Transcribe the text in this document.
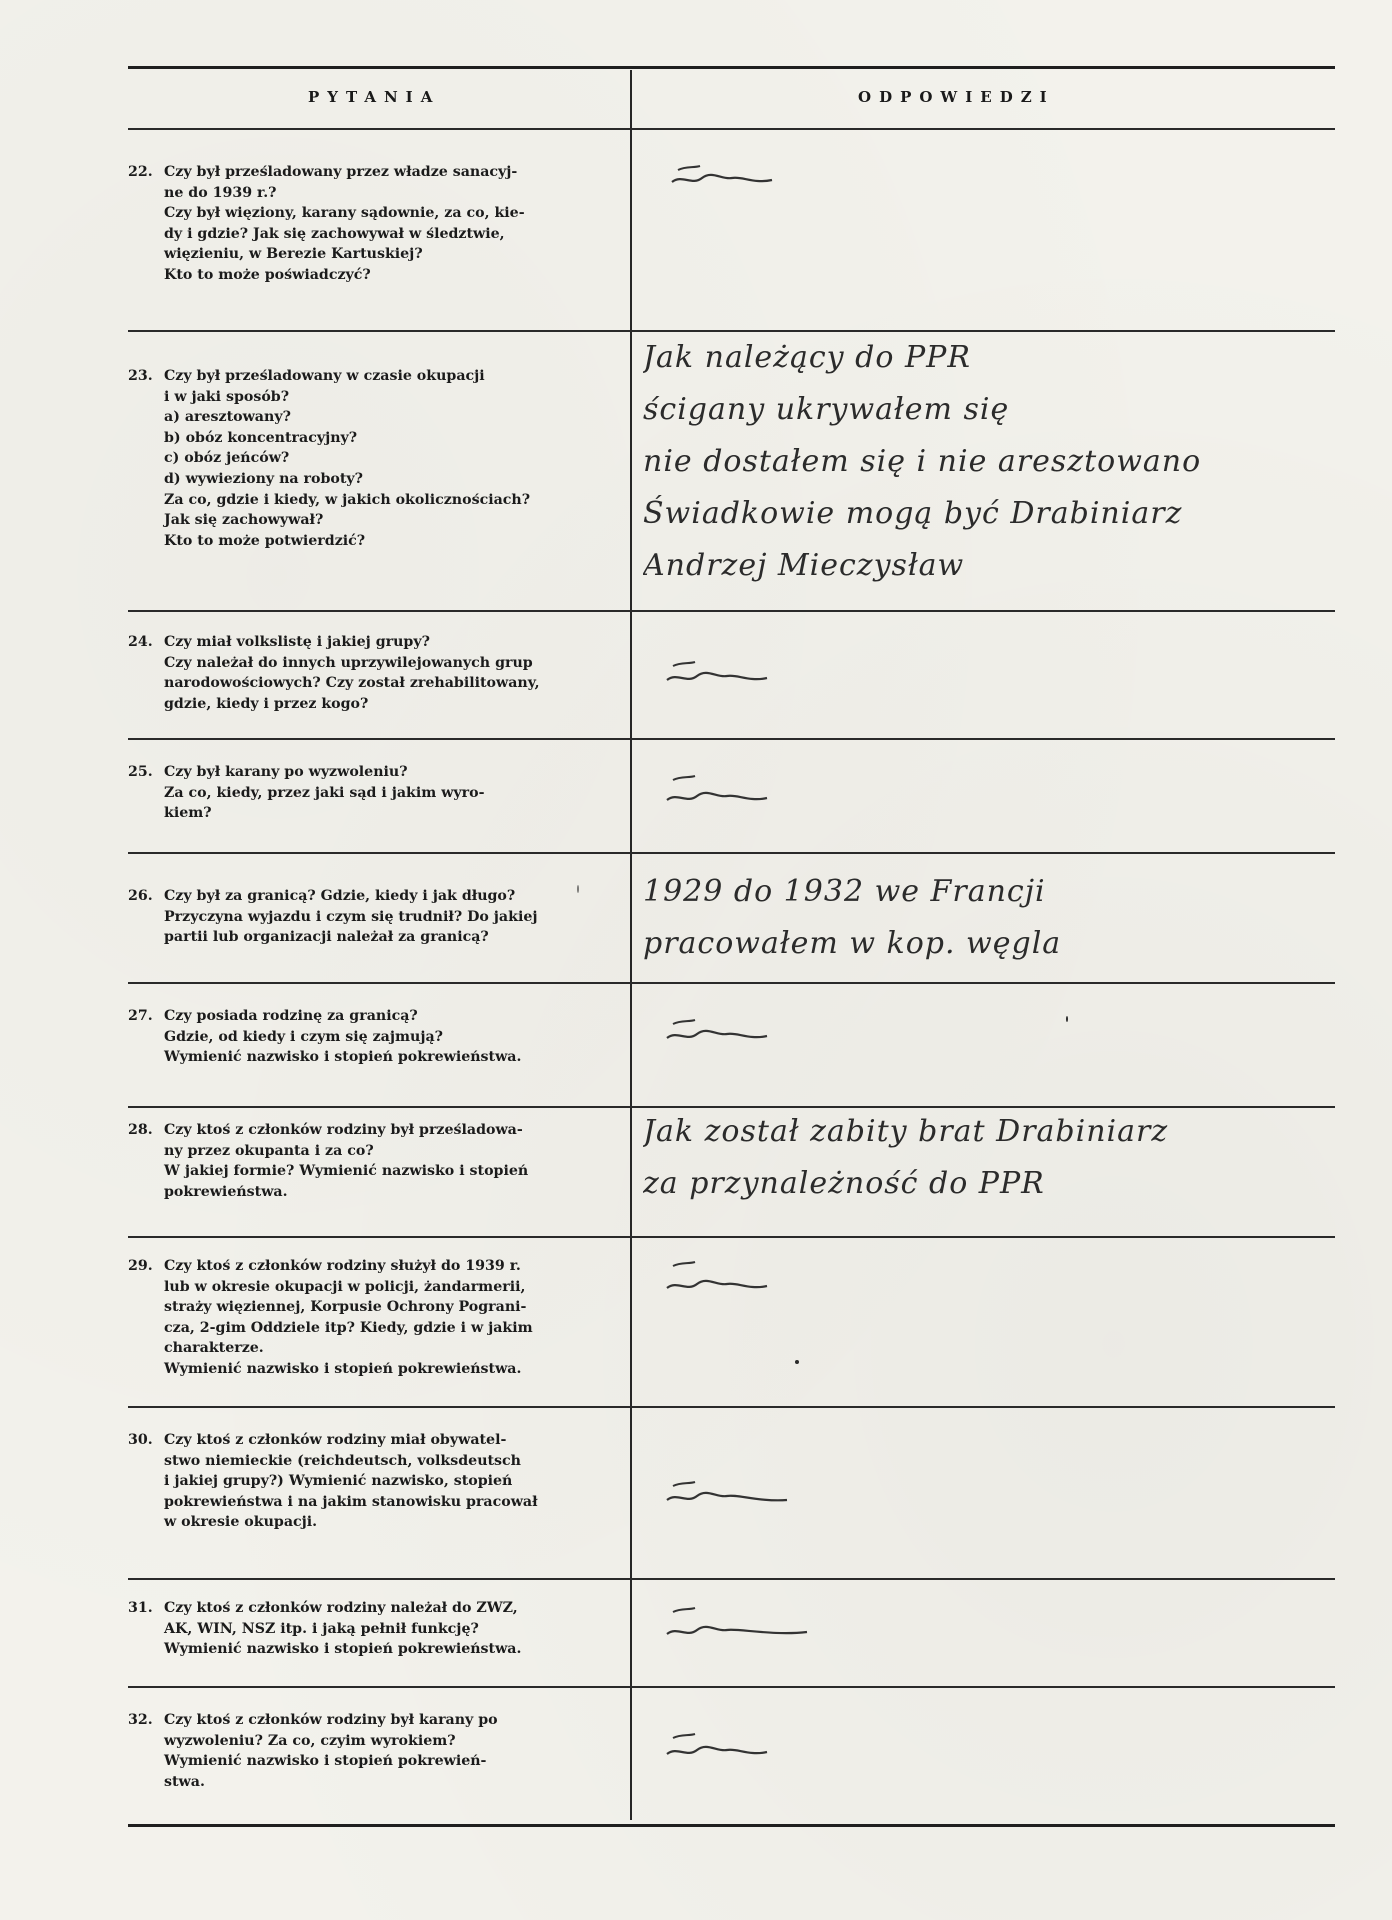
PYTANIA	ODPOWIEDZI
22. Czy był prześladowany przez władze sanacyj-
ne do 1939 r.?
Czy był więziony, karany sądownie, za co, kie-
dy i gdzie? Jak się zachowywał w śledztwie,
więzieniu, w Berezie Kartuskiej?
Kto to może poświadczyć?
23. Czy był prześladowany w czasie okupacji
i w jaki sposób?
a) aresztowany?
b) obóz koncentracyjny?
c) obóz jeńców?
d) wywieziony na roboty?
Za co, gdzie i kiedy, w jakich okolicznościach?
Jak się zachowywał?
Kto to może potwierdzić?
Jak należący do PPR
ścigany ukrywałem się
nie dostałem się i nie aresztowano
Świadkowie mogą być Drabiniarz
Andrzej Mieczysław
24. Czy miał volkslistę i jakiej grupy?
Czy należał do innych uprzywilejowanych grup
narodowościowych? Czy został zrehabilitowany,
gdzie, kiedy i przez kogo?
25. Czy był karany po wyzwoleniu?
Za co, kiedy, przez jaki sąd i jakim wyro-
kiem?
26. Czy był za granicą? Gdzie, kiedy i jak długo?
Przyczyna wyjazdu i czym się trudnił? Do jakiej
partii lub organizacji należał za granicą?
1929 do 1932 we Francji
pracowałem w kop. węgla
27. Czy posiada rodzinę za granicą?
Gdzie, od kiedy i czym się zajmują?
Wymienić nazwisko i stopień pokrewieństwa.
28. Czy ktoś z członków rodziny był prześladowa-
ny przez okupanta i za co?
W jakiej formie? Wymienić nazwisko i stopień
pokrewieństwa.
Jak został zabity brat Drabiniarz
za przynależność do PPR
29. Czy ktoś z członków rodziny służył do 1939 r.
lub w okresie okupacji w policji, żandarmerii,
straży więziennej, Korpusie Ochrony Pograni-
cza, 2-gim Oddziele itp? Kiedy, gdzie i w jakim
charakterze.
Wymienić nazwisko i stopień pokrewieństwa.
30. Czy ktoś z członków rodziny miał obywatel-
stwo niemieckie (reichdeutsch, volksdeutsch
i jakiej grupy?) Wymienić nazwisko, stopień
pokrewieństwa i na jakim stanowisku pracował
w okresie okupacji.
31. Czy ktoś z członków rodziny należał do ZWZ,
AK, WIN, NSZ itp. i jaką pełnił funkcję?
Wymienić nazwisko i stopień pokrewieństwa.
32. Czy ktoś z członków rodziny był karany po
wyzwoleniu? Za co, czyim wyrokiem?
Wymienić nazwisko i stopień pokrewień-
stwa.
